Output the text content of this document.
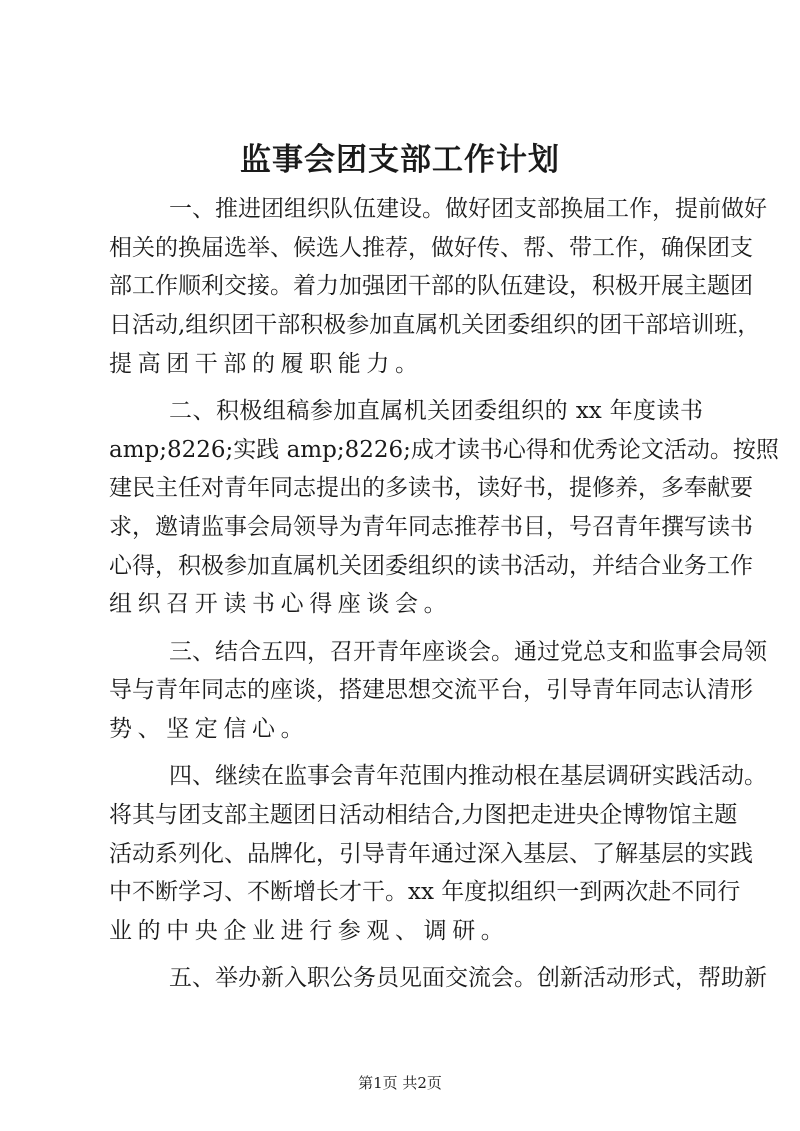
监事会团支部工作计划
一、推进团组织队伍建设。做好团支部换届工作，提前做好
相关的换届选举、候选人推荐，做好传、帮、带工作，确保团支
部工作顺利交接。着力加强团干部的队伍建设，积极开展主题团
日活动,组织团干部积极参加直属机关团委组织的团干部培训班，
提高团干部的履职能力。
二、积极组稿参加直属机关团委组织的 xx 年度读书
amp;8226;实践 amp;8226;成才读书心得和优秀论文活动。按照
建民主任对青年同志提出的多读书，读好书，提修养，多奉献要
求，邀请监事会局领导为青年同志推荐书目，号召青年撰写读书
心得，积极参加直属机关团委组织的读书活动，并结合业务工作
组织召开读书心得座谈会。
三、结合五四，召开青年座谈会。通过党总支和监事会局领
导与青年同志的座谈，搭建思想交流平台，引导青年同志认清形
势、坚定信心。
四、继续在监事会青年范围内推动根在基层调研实践活动。
将其与团支部主题团日活动相结合,力图把走进央企博物馆主题
活动系列化、品牌化，引导青年通过深入基层、了解基层的实践
中不断学习、不断增长才干。xx 年度拟组织一到两次赴不同行
业的中央企业进行参观、调研。
五、举办新入职公务员见面交流会。创新活动形式，帮助新
第1页 共2页
